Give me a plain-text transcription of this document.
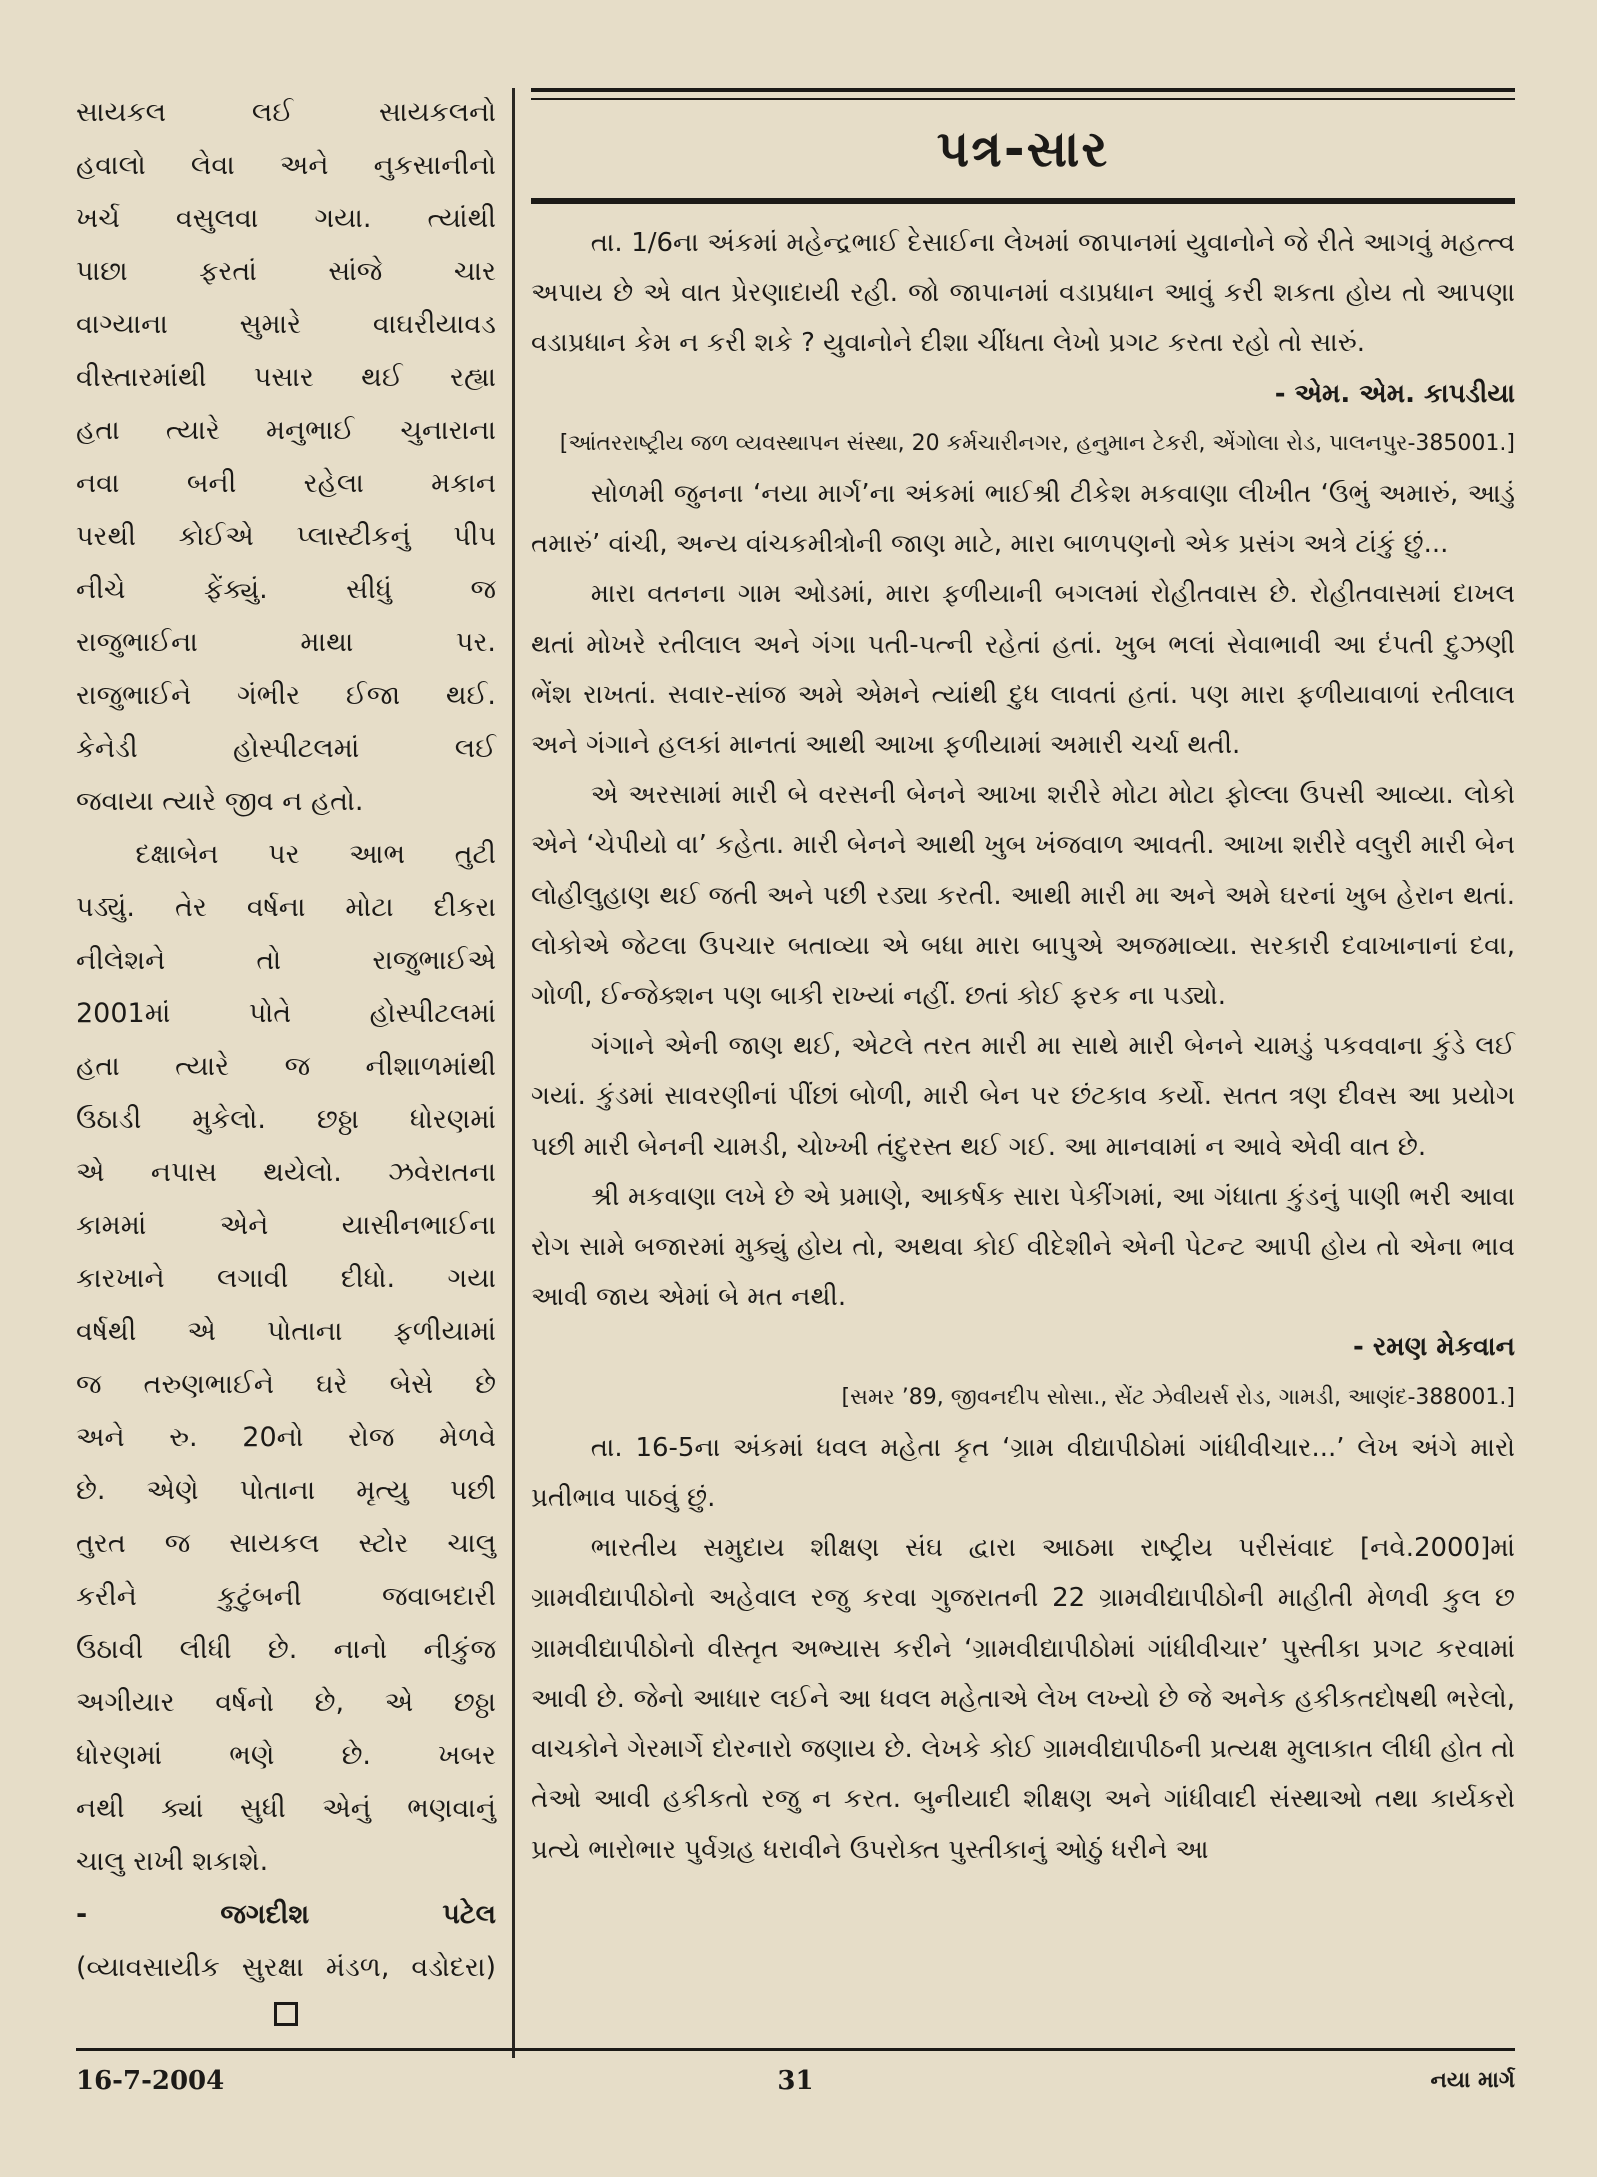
સાયકલ લઈ સાયકલનો

હવાલો લેવા અને નુકસાનીનો

ખર્ચ વસુલવા ગયા. ત્યાંથી

પાછા ફરતાં સાંજે ચાર

વાગ્યાના સુમારે વાઘરીયાવડ

વીસ્તારમાંથી પસાર થઈ રહ્યા

હતા ત્યારે મનુભાઈ ચુનારાના

નવા બની રહેલા મકાન

પરથી કોઈએ પ્લાસ્ટીકનું પીપ

નીચે ફેંક્યું. સીધું જ

રાજુભાઈના માથા પર.

રાજુભાઈને ગંભીર ઈજા થઈ.

કેનેડી હોસ્પીટલમાં લઈ

જવાયા ત્યારે જીવ ન હતો.

દક્ષાબેન પર આભ તુટી

પડ્યું. તેર વર્ષના મોટા દીકરા

નીલેશને તો રાજુભાઈએ

2001માં પોતે હોસ્પીટલમાં

હતા ત્યારે જ નીશાળમાંથી

ઉઠાડી મુકેલો. છઠ્ઠા ધોરણમાં

એ નપાસ થયેલો. ઝવેરાતના

કામમાં એને યાસીનભાઈના

કારખાને લગાવી દીધો. ગયા

વર્ષથી એ પોતાના ફળીયામાં

જ તરુણભાઈને ઘરે બેસે છે

અને રુ. 20નો રોજ મેળવે

છે. એણે પોતાના મૃત્યુ પછી

તુરત જ સાયકલ સ્ટોર ચાલુ

કરીને કુટુંબની જવાબદારી

ઉઠાવી લીધી છે. નાનો નીકુંજ

અગીયાર વર્ષનો છે, એ છઠ્ઠા

ધોરણમાં ભણે છે. ખબર

નથી ક્યાં સુધી એનું ભણવાનું

ચાલુ રાખી શકાશે.

- જગદીશ પટેલ

(વ્યાવસાયીક સુરક્ષા મંડળ, વડોદરા)

પત્ર-સાર

તા. 1/6ના અંકમાં મહેન્દ્રભાઈ દેસાઈના લેખમાં જાપાનમાં યુવાનોને જે રીતે આગવું મહત્ત્વ અપાય છે એ વાત પ્રેરણાદાયી રહી. જો જાપાનમાં વડાપ્રધાન આવું કરી શકતા હોય તો આપણા વડાપ્રધાન કેમ ન કરી શકે ? યુવાનોને દીશા ચીંધતા લેખો પ્રગટ કરતા રહો તો સારું.

- એમ. એમ. કાપડીયા

[આંતરરાષ્ટ્રીય જળ વ્યવસ્થાપન સંસ્થા, 20 કર્મચારીનગર, હનુમાન ટેકરી, એંગોલા રોડ, પાલનપુર-385001.]

સોળમી જુનના ‘નયા માર્ગ’ના અંકમાં ભાઈશ્રી ટીકેશ મકવાણા લીખીત ‘ઉભું અમારું, આડું તમારું’ વાંચી, અન્ય વાંચકમીત્રોની જાણ માટે, મારા બાળપણનો એક પ્રસંગ અત્રે ટાંકું છું...

મારા વતનના ગામ ઓડમાં, મારા ફળીયાની બગલમાં રોહીતવાસ છે. રોહીતવાસમાં દાખલ થતાં મોખરે રતીલાલ અને ગંગા પતી-પત્ની રહેતાં હતાં. ખુબ ભલાં સેવાભાવી આ દંપતી દુઝણી ભેંશ રાખતાં. સવાર-સાંજ અમે એમને ત્યાંથી દુધ લાવતાં હતાં. પણ મારા ફળીયાવાળાં રતીલાલ અને ગંગાને હલકાં માનતાં આથી આખા ફળીયામાં અમારી ચર્ચા થતી.

એ અરસામાં મારી બે વરસની બેનને આખા શરીરે મોટા મોટા ફોલ્લા ઉપસી આવ્યા. લોકો એને ‘ચેપીયો વા’ કહેતા. મારી બેનને આથી ખુબ ખંજવાળ આવતી. આખા શરીરે વલુરી મારી બેન લોહીલુહાણ થઈ જતી અને પછી રડ્યા કરતી. આથી મારી મા અને અમે ઘરનાં ખુબ હેરાન થતાં. લોકોએ જેટલા ઉપચાર બતાવ્યા એ બધા મારા બાપુએ અજમાવ્યા. સરકારી દવાખાનાનાં દવા, ગોળી, ઈન્જેક્શન પણ બાકી રાખ્યાં નહીં. છતાં કોઈ ફરક ના પડ્યો.

ગંગાને એની જાણ થઈ, એટલે તરત મારી મા સાથે મારી બેનને ચામડું પકવવાના કુંડે લઈ ગયાં. કુંડમાં સાવરણીનાં પીંછાં બોળી, મારી બેન પર છંટકાવ કર્યો. સતત ત્રણ દીવસ આ પ્રયોગ પછી મારી બેનની ચામડી, ચોખ્ખી તંદુરસ્ત થઈ ગઈ. આ માનવામાં ન આવે એવી વાત છે.

શ્રી મકવાણા લખે છે એ પ્રમાણે, આકર્ષક સારા પેકીંગમાં, આ ગંધાતા કુંડનું પાણી ભરી આવા રોગ સામે બજારમાં મુક્યું હોય તો, અથવા કોઈ વીદેશીને એની પેટન્ટ આપી હોય તો એના ભાવ આવી જાય એમાં બે મત નથી.

- રમણ મેકવાન

[સમર ’89, જીવનદીપ સોસા., સેંટ ઝેવીયર્સ રોડ, ગામડી, આણંદ-388001.]

તા. 16-5ના અંકમાં ધવલ મહેતા કૃત ‘ગ્રામ વીદ્યાપીઠોમાં ગાંધીવીચાર...’ લેખ અંગે મારો પ્રતીભાવ પાઠવું છું.

ભારતીય સમુદાય શીક્ષણ સંઘ દ્વારા આઠમા રાષ્ટ્રીય પરીસંવાદ [નવે.2000]માં ગ્રામવીદ્યાપીઠોનો અહેવાલ રજુ કરવા ગુજરાતની 22 ગ્રામવીદ્યાપીઠોની માહીતી મેળવી કુલ છ ગ્રામવીદ્યાપીઠોનો વીસ્તૃત અભ્યાસ કરીને ‘ગ્રામવીદ્યાપીઠોમાં ગાંધીવીચાર’ પુસ્તીકા પ્રગટ કરવામાં આવી છે. જેનો આધાર લઈને આ ધવલ મહેતાએ લેખ લખ્યો છે જે અનેક હકીકતદોષથી ભરેલો, વાચકોને ગેરમાર્ગે દોરનારો જણાય છે. લેખકે કોઈ ગ્રામવીદ્યાપીઠની પ્રત્યક્ષ મુલાકાત લીધી હોત તો તેઓ આવી હકીકતો રજુ ન કરત. બુનીયાદી શીક્ષણ અને ગાંધીવાદી સંસ્થાઓ તથા કાર્યકરો પ્રત્યે ભારોભાર પુર્વગ્રહ ધરાવીને ઉપરોક્ત પુસ્તીકાનું ઓઠું ધરીને આ

16-7-2004	31	નયા માર્ગ
